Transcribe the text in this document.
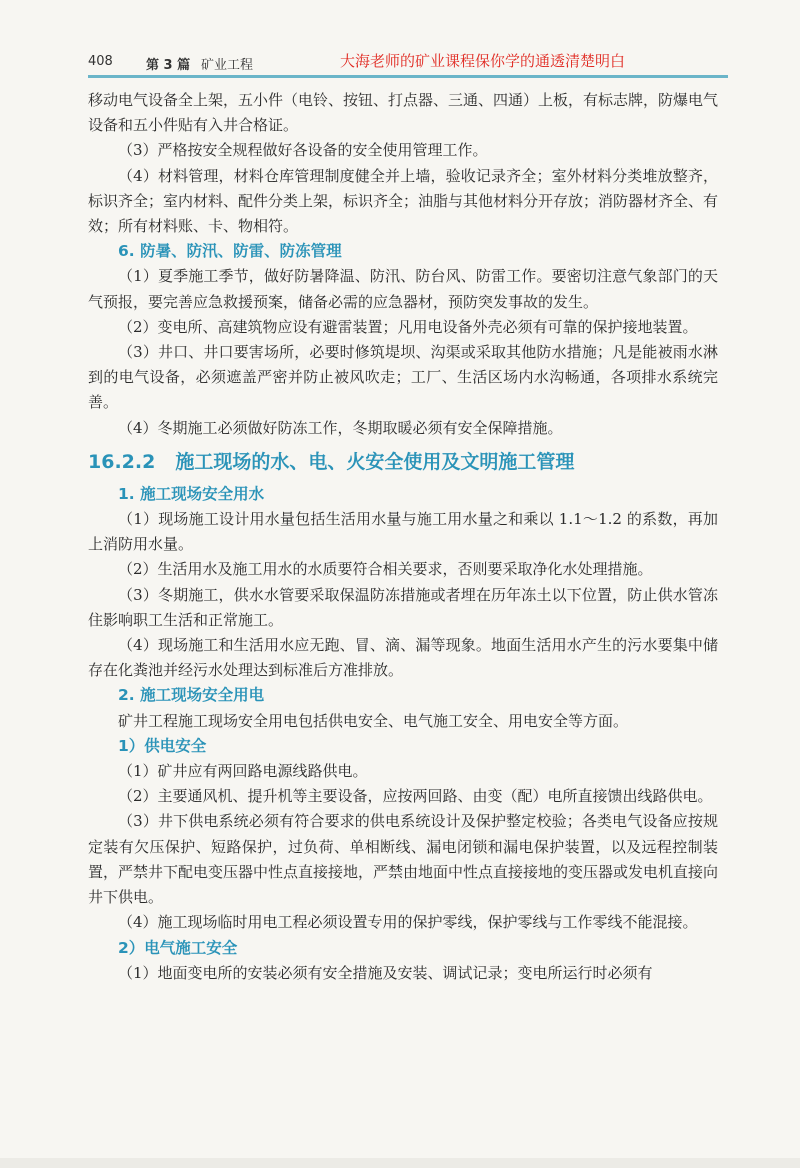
408	第 3 篇 矿业工程	大海老师的矿业课程保你学的通透清楚明白

移动电气设备全上架，五小件（电铃、按钮、打点器、三通、四通）上板，有标志牌，防爆电气设备和五小件贴有入井合格证。

（3）严格按安全规程做好各设备的安全使用管理工作。

（4）材料管理，材料仓库管理制度健全并上墙，验收记录齐全；室外材料分类堆放整齐，标识齐全；室内材料、配件分类上架，标识齐全；油脂与其他材料分开存放；消防器材齐全、有效；所有材料账、卡、物相符。

6. 防暑、防汛、防雷、防冻管理

（1）夏季施工季节，做好防暑降温、防汛、防台风、防雷工作。要密切注意气象部门的天气预报，要完善应急救援预案，储备必需的应急器材，预防突发事故的发生。

（2）变电所、高建筑物应设有避雷装置；凡用电设备外壳必须有可靠的保护接地装置。

（3）井口、井口要害场所，必要时修筑堤坝、沟渠或采取其他防水措施；凡是能被雨水淋到的电气设备，必须遮盖严密并防止被风吹走；工厂、生活区场内水沟畅通，各项排水系统完善。

（4）冬期施工必须做好防冻工作，冬期取暖必须有安全保障措施。

16.2.2 施工现场的水、电、火安全使用及文明施工管理
1. 施工现场安全用水

（1）现场施工设计用水量包括生活用水量与施工用水量之和乘以 1.1～1.2 的系数，再加上消防用水量。

（2）生活用水及施工用水的水质要符合相关要求，否则要采取净化水处理措施。

（3）冬期施工，供水水管要采取保温防冻措施或者埋在历年冻土以下位置，防止供水管冻住影响职工生活和正常施工。

（4）现场施工和生活用水应无跑、冒、滴、漏等现象。地面生活用水产生的污水要集中储存在化粪池并经污水处理达到标准后方准排放。

2. 施工现场安全用电

矿井工程施工现场安全用电包括供电安全、电气施工安全、用电安全等方面。

1）供电安全

（1）矿井应有两回路电源线路供电。

（2）主要通风机、提升机等主要设备，应按两回路、由变（配）电所直接馈出线路供电。

（3）井下供电系统必须有符合要求的供电系统设计及保护整定校验；各类电气设备应按规定装有欠压保护、短路保护，过负荷、单相断线、漏电闭锁和漏电保护装置，以及远程控制装置，严禁井下配电变压器中性点直接接地，严禁由地面中性点直接接地的变压器或发电机直接向井下供电。

（4）施工现场临时用电工程必须设置专用的保护零线，保护零线与工作零线不能混接。

2）电气施工安全

（1）地面变电所的安装必须有安全措施及安装、调试记录；变电所运行时必须有
